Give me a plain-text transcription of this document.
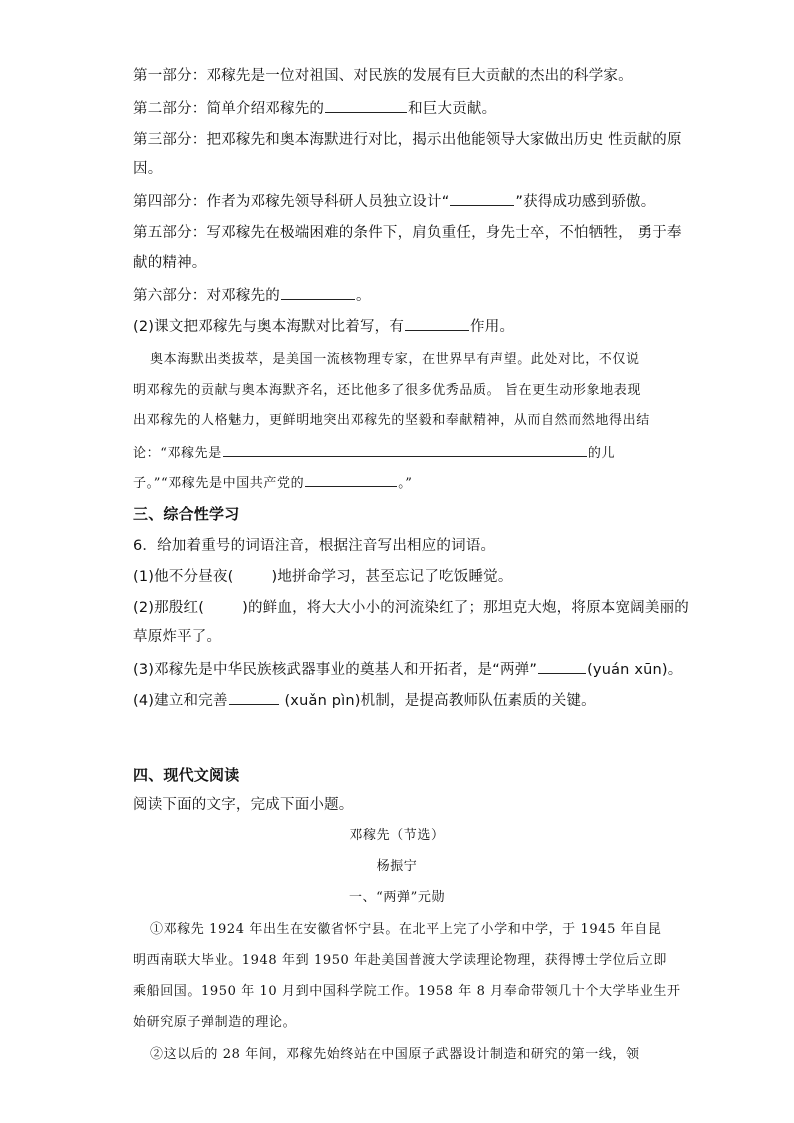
第一部分：邓稼先是一位对祖国、对民族的发展有巨大贡献的杰出的科学家。
第二部分：简单介绍邓稼先的	和巨大贡献。
第三部分：把邓稼先和奥本海默进行对比，揭示出他能领导大家做出历史 性贡献的原
因。
第四部分：作者为邓稼先领导科研人员独立设计“	”获得成功感到骄傲。
第五部分：写邓稼先在极端困难的条件下，肩负重任，身先士卒，不怕牺牲， 勇于奉
献的精神。
第六部分：对邓稼先的	。
(2)课文把邓稼先与奥本海默对比着写，有	作用。
奥本海默出类拔萃，是美国一流核物理专家，在世界早有声望。此处对比，不仅说
明邓稼先的贡献与奥本海默齐名，还比他多了很多优秀品质。 旨在更生动形象地表现
出邓稼先的人格魅力，更鲜明地突出邓稼先的坚毅和奉献精神，从而自然而然地得出结
论：“邓稼先是	的儿
子。”“邓稼先是中国共产党的	。”
三、综合性学习
6．给加着重号的词语注音，根据注音写出相应的词语。
(1)他不分昼夜(	)地拼命学习，甚至忘记了吃饭睡觉。
(2)那殷红(	)的鲜血，将大大小小的河流染红了；那坦克大炮，将原本宽阔美丽的
草原炸平了。
(3)邓稼先是中华民族核武器事业的奠基人和开拓者，是“两弹”	(yuán xūn)。
(4)建立和完善	(xuǎn pìn)机制，是提高教师队伍素质的关键。
四、现代文阅读
阅读下面的文字，完成下面小题。
邓稼先（节选）
杨振宁
一、“两弹”元勋
①邓稼先 1924 年出生在安徽省怀宁县。在北平上完了小学和中学，于 1945 年自昆
明西南联大毕业。1948 年到 1950 年赴美国普渡大学读理论物理，获得博士学位后立即
乘船回国。1950 年 10 月到中国科学院工作。1958 年 8 月奉命带领几十个大学毕业生开
始研究原子弹制造的理论。
②这以后的 28 年间，邓稼先始终站在中国原子武器设计制造和研究的第一线，领
